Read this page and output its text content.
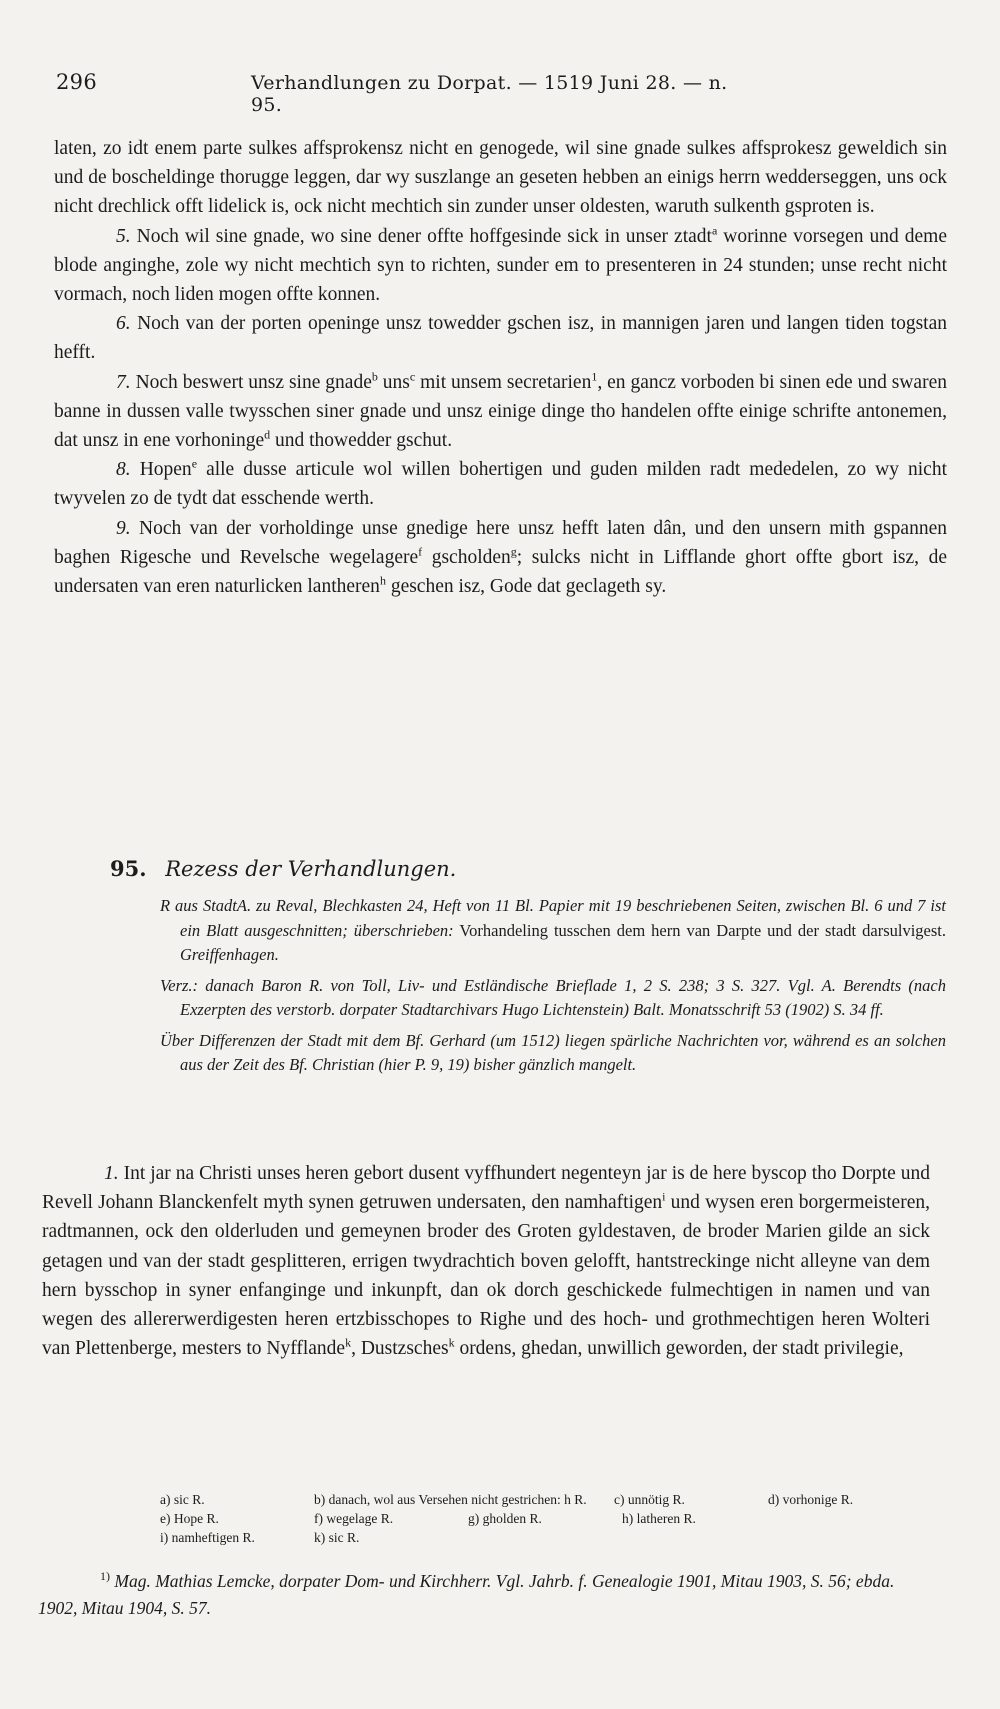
296	Verhandlungen zu Dorpat. — 1519 Juni 28. — n. 95.

laten, zo idt enem parte sulkes affsprokensz nicht en genogede, wil sine gnade sulkes affsprokesz geweldich sin und de boscheldinge thorugge leggen, dar wy suszlange an geseten hebben an einigs herrn wedderseggen, uns ock nicht drechlick offt lidelick is, ock nicht mechtich sin zunder unser oldesten, waruth sulkenth gsproten is.

5. Noch wil sine gnade, wo sine dener offte hoffgesinde sick in unser ztadt$^a$ worinne vorsegen und deme blode anginghe, zole wy nicht mechtich syn to richten, sunder em to presenteren in 24 stunden; unse recht nicht vormach, noch liden mogen offte konnen.

6. Noch van der porten openinge unsz towedder gschen isz, in mannigen jaren und langen tiden togstan hefft.

7. Noch beswert unsz sine gnade$^b$ uns$^c$ mit unsem secretarien$^1$, en gancz vorboden bi sinen ede und swaren banne in dussen valle twysschen siner gnade und unsz einige dinge tho handelen offte einige schrifte antonemen, dat unsz in ene vorhoninge$^d$ und thowedder gschut.

8. Hopen$^e$ alle dusse articule wol willen bohertigen und guden milden radt mededelen, zo wy nicht twyvelen zo de tydt dat esschende werth.

9. Noch van der vorholdinge unse gnedige here unsz hefft laten dân, und den unsern mith gspannen baghen Rigesche und Revelsche wegelagere$^f$ gscholden$^g$; sulcks nicht in Lifflande ghort offte gbort isz, de undersaten van eren naturlicken lantheren$^h$ geschen isz, Gode dat geclageth sy.

95. Rezess der Verhandlungen.

R aus StadtA. zu Reval, Blechkasten 24, Heft von 11 Bl. Papier mit 19 beschriebenen Seiten, zwischen Bl. 6 und 7 ist ein Blatt ausgeschnitten; überschrieben: Vorhandeling tusschen dem hern van Darpte und der stadt darsulvigest. Greiffenhagen.

Verz.: danach Baron R. von Toll, Liv- und Estländische Brieflade 1, 2 S. 238; 3 S. 327. Vgl. A. Berendts (nach Exzerpten des verstorb. dorpater Stadtarchivars Hugo Lichtenstein) Balt. Monatsschrift 53 (1902) S. 34 ff.

Über Differenzen der Stadt mit dem Bf. Gerhard (um 1512) liegen spärliche Nachrichten vor, während es an solchen aus der Zeit des Bf. Christian (hier P. 9, 19) bisher gänzlich mangelt.

1. Int jar na Christi unses heren gebort dusent vyffhundert negenteyn jar is de here byscop tho Dorpte und Revell Johann Blanckenfelt myth synen getruwen undersaten, den namhaftigen$^i$ und wysen eren borgermeisteren, radtmannen, ock den olderluden und gemeynen broder des Groten gyldestaven, de broder Marien gilde an sick getagen und van der stadt gesplitteren, errigen twydrachtich boven gelofft, hantstreckinge nicht alleyne van dem hern bysschop in syner enfanginge und inkunpft, dan ok dorch geschickede fulmechtigen in namen und van wegen des allererwerdigesten heren ertzbisschopes to Righe und des hoch- und grothmechtigen heren Wolteri van Plettenberge, mesters to Nyfflande$^k$, Dustzsches$^k$ ordens, ghedan, unwillich geworden, der stadt privilegie,

a) sic R.	b) danach, wol aus Versehen nicht gestrichen: h R.	c) unnötig R.	d) vorhonige R.
e) Hope R.	f) wegelage R.	g) gholden R.	h) latheren R.
i) namheftigen R.	k) sic R.
$^{1)}$ Mag. Mathias Lemcke, dorpater Dom- und Kirchherr. Vgl. Jahrb. f. Genealogie 1901, Mitau 1903, S. 56; ebda. 1902, Mitau 1904, S. 57.
